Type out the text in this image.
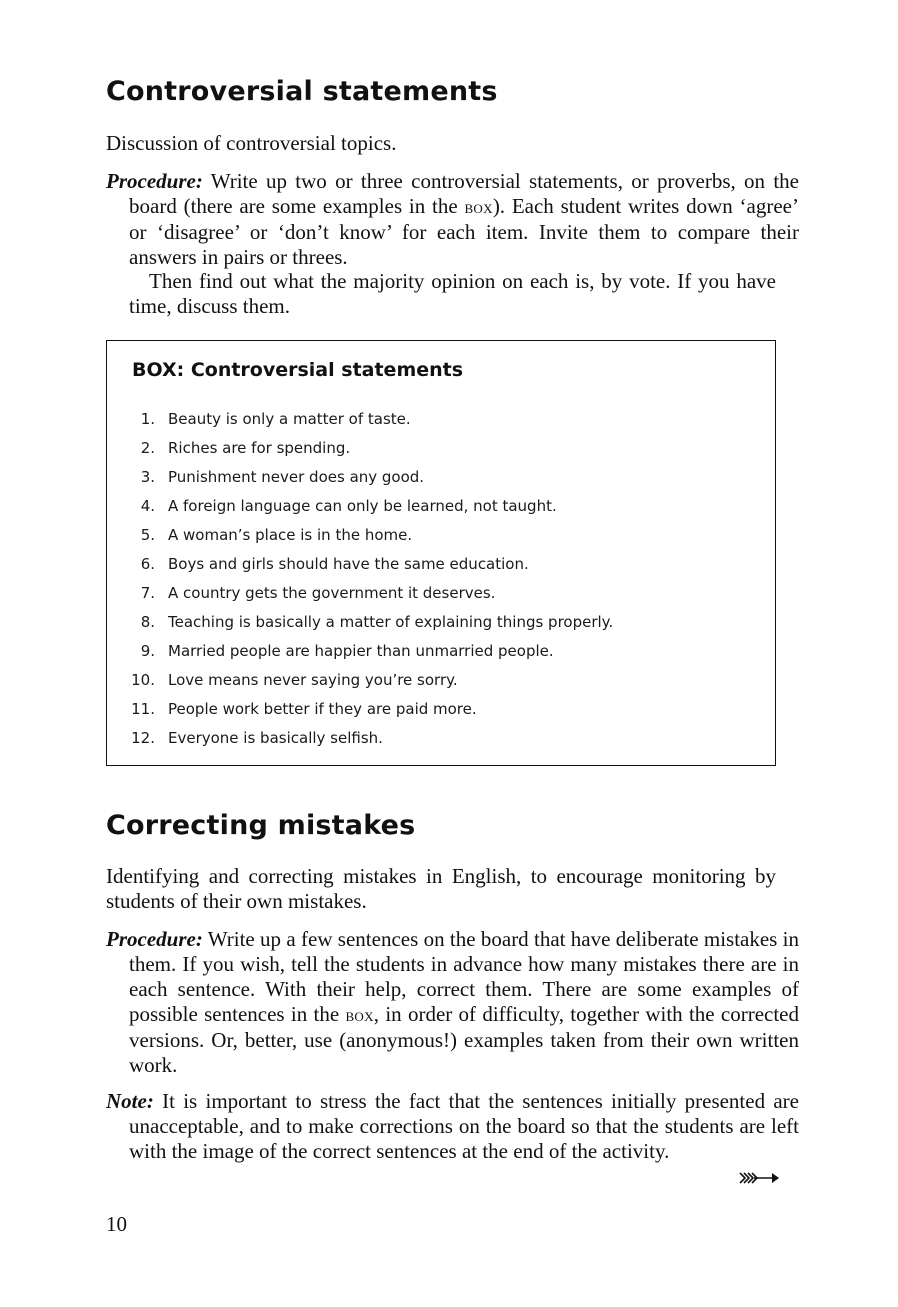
Controversial statements

Discussion of controversial topics.

Procedure: Write up two or three controversial statements, or proverbs, on the board (there are some examples in the box). Each student writes down ‘agree’ or ‘disagree’ or ‘don’t know’ for each item. Invite them to compare their answers in pairs or threes.
Then find out what the majority opinion on each is, by vote. If you have time, discuss them.
BOX: Controversial statements
1. Beauty is only a matter of taste.
2. Riches are for spending.
3. Punishment never does any good.
4. A foreign language can only be learned, not taught.
5. A woman’s place is in the home.
6. Boys and girls should have the same education.
7. A country gets the government it deserves.
8. Teaching is basically a matter of explaining things properly.
9. Married people are happier than unmarried people.
10. Love means never saying you’re sorry.
11. People work better if they are paid more.
12. Everyone is basically selfish.
Correcting mistakes

Identifying and correcting mistakes in English, to encourage monitoring by students of their own mistakes.

Procedure: Write up a few sentences on the board that have deliberate mistakes in them. If you wish, tell the students in advance how many mistakes there are in each sentence. With their help, correct them. There are some examples of possible sentences in the box, in order of difficulty, together with the corrected versions. Or, better, use (anonymous!) examples taken from their own written work.
Note: It is important to stress the fact that the sentences initially presented are unacceptable, and to make corrections on the board so that the students are left with the image of the correct sentences at the end of the activity.
10
